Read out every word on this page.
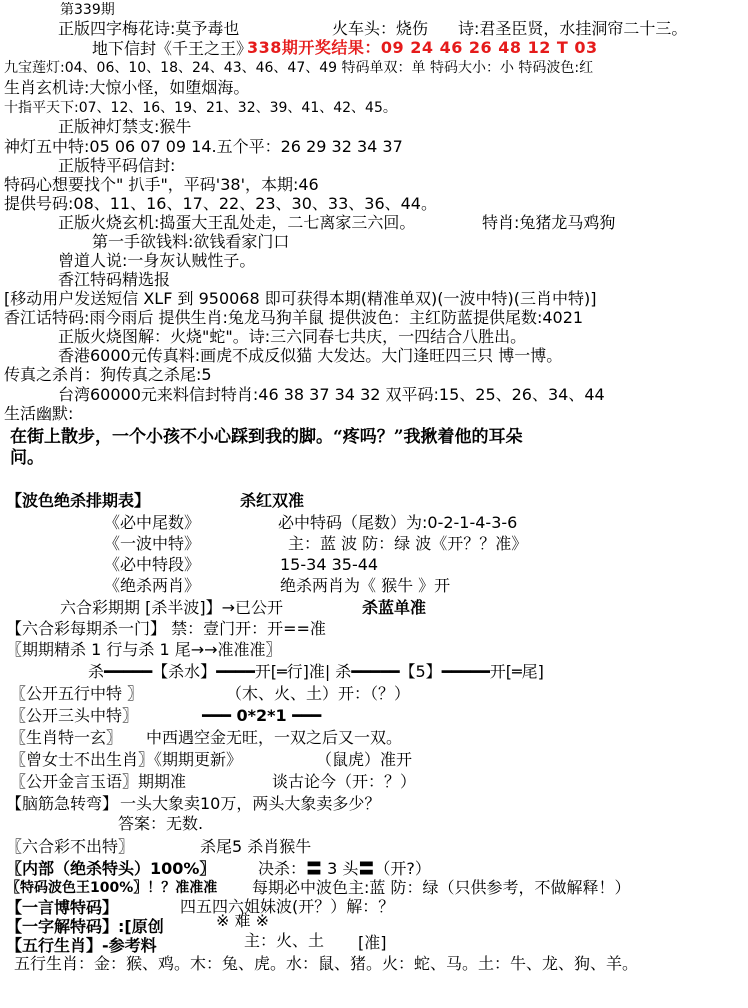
第339期
正版四字梅花诗:莫予毒也	火车头：烧伤 诗:君圣臣贤，水挂洞帘二十三。
地下信封《千王之王》
338期开奖结果：09 24 46 26 48 12 T 03
九宝莲灯:04、06、10、18、24、43、46、47、49 特码单双：单 特码大小：小 特码波色:红
生肖玄机诗:大惊小怪，如堕烟海。
十指平天下:07、12、16、19、21、32、39、41、42、45。
正版神灯禁支:猴牛
神灯五中特:05 06 07 09 14.五个平：26 29 32 34 37
正版特平码信封:
特码心想要找个" 扒手"，平码'38'，本期:46
提供号码:08、11、16、17、22、23、30、33、36、44。
正版火烧玄机:捣蛋大王乱处走，二七离家三六回。	特肖:兔猪龙马鸡狗
第一手欲钱料:欲钱看家门口
曾道人说:一身灰认贼性子。
香江特码精选报
[移动用户发送短信 XLF 到 950068 即可获得本期(精准单双)(一波中特)(三肖中特)]
香江话特码:雨今雨后 提供生肖:兔龙马狗羊鼠 提供波色：主红防蓝提供尾数:4021
正版火烧图解：火烧"蛇"。诗:三六同春七共庆，一四结合八胜出。
香港6000元传真料:画虎不成反似猫 大发达。大门逢旺四三只 博一博。
传真之杀肖：狗传真之杀尾:5
台湾60000元来料信封特肖:46 38 37 34 32 双平码:15、25、26、34、44
生活幽默:
在街上散步，一个小孩不小心踩到我的脚。“疼吗？”我揪着他的耳朵
问。
【波色绝杀排期表】	杀红双准
《必中尾数》	必中特码（尾数）为:0-2-1-4-3-6
《一波中特》	主：蓝 波 防：绿 波《开？？准》
《必中特段》	15-34 35-44
《绝杀两肖》	绝杀两肖为《 猴牛 》开
六合彩期期 [杀半波]】→已公开	杀蓝单准
【六合彩每期杀一门】 禁：壹门开：开==准
〖期期精杀 1 行与杀 1 尾→→准准准〗
杀━━━━━【杀水】━━━━开[═行]准| 杀━━━━━【5】━━━━━开[═尾]
〖公开五行中特 〗	（木、火、土）开：（？）
〖公开三头中特〗	━━━ 0*2*1 ━━━
〖生肖特一玄〗 中西遇空金无旺，一双之后又一双。
〖曾女士不出生肖〗《期期更新》	（鼠虎）准开
〖公开金言玉语〗期期准	谈古论今（开：？）
【脑筋急转弯】 一头大象卖10万，两头大象卖多少？
答案：无数.
〖六合彩不出特〗	杀尾5 杀肖猴牛
〖内部（绝杀特头）100%〗	决杀：〓 3 头〓（开?）
〖特码波色王100%〗！？准准准 每期必中波色主:蓝 防：绿（只供参考，不做解释！）
【一言博特码】	四五四六姐妹波(开？）解：？
【一字解特码】:[原创	※ 难 ※
【五行生肖】-参考料	主：火、土 [准]
五行生肖：金：猴、鸡。木：兔、虎。水：鼠、猪。火：蛇、马。土：牛、龙、狗、羊。
